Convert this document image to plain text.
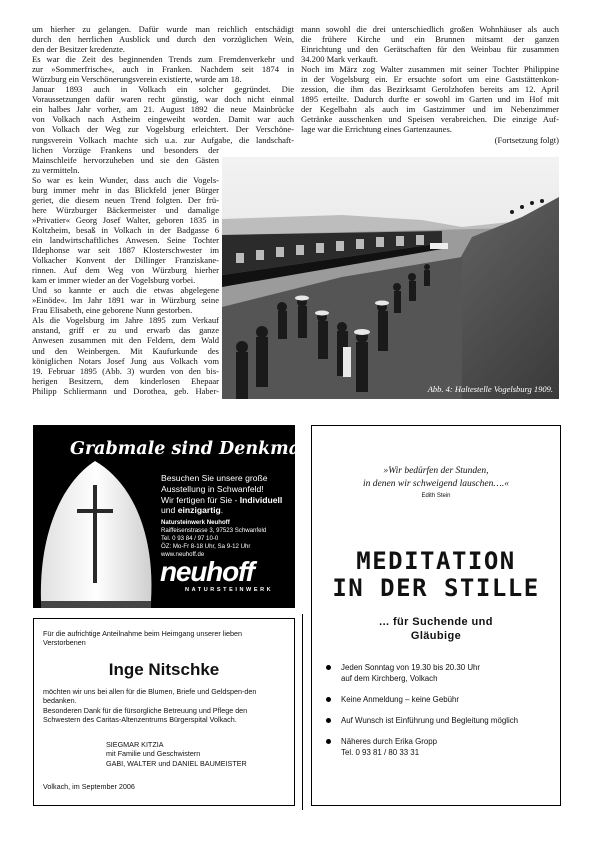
um hierher zu gelangen. Dafür wurde man reichlich entschädigt
durch den herrlichen Ausblick und durch den vorzüglichen Wein,
den der Besitzer kredenzte.
Es war die Zeit des beginnenden Trends zum Fremdenverkehr und
zur »Sommerfrische«, auch in Franken. Nachdem seit 1874 in
Würzburg ein Verschönerungsverein existierte, wurde am 18.
Januar 1893 auch in Volkach ein solcher gegründet. Die
Voraussetzungen dafür waren recht günstig, war doch nicht einmal
ein halbes Jahr vorher, am 21. August 1892 die neue Mainbrücke
von Volkach nach Astheim eingeweiht worden. Damit war auch
von Volkach der Weg zur Vogelsburg erleichtert. Der Verschöne-
rungsverein Volkach machte sich u.a. zur Aufgabe, die landschaft-
lichen Vorzüge Frankens und besonders der
Mainschleife hervorzuheben und sie den Gästen
zu vermitteln.
So war es kein Wunder, dass auch die Vogels-
burg immer mehr in das Blickfeld jener Bürger
geriet, die diesem neuen Trend folgten. Der frü-
here Würzburger Bäckermeister und damalige
»Privatier« Georg Josef Walter, geboren 1835 in
Koltzheim, besaß in Volkach in der Badgasse 6
ein landwirtschaftliches Anwesen. Seine Tochter
Ildephonse war seit 1887 Klosterschwester im
Volkacher Konvent der Dillinger Franziskane-
rinnen. Auf dem Weg von Würzburg hierher
kam er immer wieder an der Vogelsburg vorbei.
Und so kannte er auch die etwas abgelegene
»Einöde«. Im Jahr 1891 war in Würzburg seine
Frau Elisabeth, eine geborene Nunn gestorben.
Als die Vogelsburg im Jahre 1895 zum Verkauf
anstand, griff er zu und erwarb das ganze
Anwesen zusammen mit den Feldern, dem Wald
und den Weinbergen. Mit Kaufurkunde des
königlichen Notars Josef Jung aus Volkach vom
19. Februar 1895 (Abb. 3) wurden von den bis-
herigen Besitzern, dem kinderlosen Ehepaar
Philipp Schliermann und Dorothea, geb. Haber-
mann sowohl die drei unterschiedlich großen Wohnhäuser als auch
die frühere Kirche und ein Brunnen mitsamt der ganzen
Einrichtung und den Gerätschaften für den Weinbau für zusammen
34.200 Mark verkauft.
Noch im März zog Walter zusammen mit seiner Tochter Philippine
in der Vogelsburg ein. Er ersuchte sofort um eine Gaststättenkon-
zession, die ihm das Bezirksamt Gerolzhofen bereits am 12. April
1895 erteilte. Dadurch durfte er sowohl im Garten und im Hof mit
der Kegelbahn als auch im Gastzimmer und im Nebenzimmer
Getränke ausschenken und Speisen verabreichen. Die einzige Auf-
lage war die Errichtung eines Gartenzaunes.

(Fortsetzung folgt)

Abb. 4: Haltestelle Vogelsburg 1909.
Grabmale sind Denkmale.
Besuchen Sie unsere große
Ausstellung in Schwanfeld!
Wir fertigen für Sie - Individuell
und einzigartig.
Natursteinwerk Neuhoff
Raiffeisenstrasse 3, 97523 Schwanfeld
Tel. 0 93 84 / 97 10-0
ÖZ: Mo-Fr 8-18 Uhr, Sa 9-12 Uhr
www.neuhoff.de
neuhoff
NATURSTEINWERK
»Wir bedürfen der Stunden,
in denen wir schweigend lauschen….«
Edith Stein
MEDITATION
IN DER STILLE
... für Suchende und
Gläubige
Jeden Sonntag von 19.30 bis 20.30 Uhr
auf dem Kirchberg, Volkach
Keine Anmeldung – keine Gebühr
Auf Wunsch ist Einführung und Begleitung möglich
Näheres durch Erika Gropp
Tel. 0 93 81 / 80 33 31
Für die aufrichtige Anteilnahme beim Heimgang unserer lieben Verstorbenen
Inge Nitschke
möchten wir uns bei allen für die Blumen, Briefe und Geldspen-den bedanken.
Besonderen Dank für die fürsorgliche Betreuung und Pflege den Schwestern des Caritas-Altenzentrums Bürgerspital Volkach.
SIEGMAR KITZIA
mit Familie und Geschwistern
GABI, WALTER und DANIEL BAUMEISTER
Volkach, im September 2006
